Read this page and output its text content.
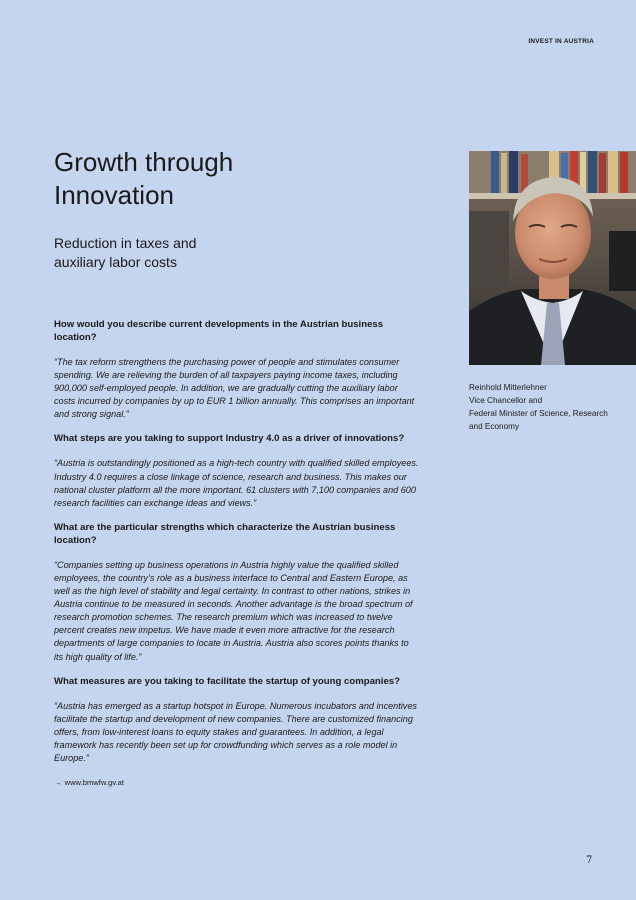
INVEST IN AUSTRIA
Growth through
Innovation
Reduction in taxes and
auxiliary labor costs
Reinhold Mitterlehner
Vice Chancellor and
Federal Minister of Science, Research
and Economy

How would you describe current developments in the Austrian business location?

“The tax reform strengthens the purchasing power of people and stimulates consumer spending. We are relieving the burden of all taxpayers paying income taxes, including 900,000 self-employed people. In addition, we are gradually cutting the auxiliary labor costs incurred by companies by up to EUR 1 billion annually. This comprises an important and strong signal.”

What steps are you taking to support Industry 4.0 as a driver of innovations?

“Austria is outstandingly positioned as a high-tech country with qualified skilled employees. Industry 4.0 requires a close linkage of science, research and business. This makes our national cluster platform all the more important. 61 clusters with 7,100 companies and 600 research facilities can exchange ideas and views.”

What are the particular strengths which characterize the Austrian business location?

“Companies setting up business operations in Austria highly value the qualified skilled employees, the country’s role as a business interface to Central and Eastern Europe, as well as the high level of stability and legal certainty. In contrast to other nations, strikes in Austria continue to be measured in seconds. Another advantage is the broad spectrum of research promotion schemes. The research premium which was increased to twelve percent creates new impetus. We have made it even more attractive for the research departments of large companies to locate in Austria. Austria also scores points thanks to its high quality of life.”

What measures are you taking to facilitate the startup of young companies?

“Austria has emerged as a startup hotspot in Europe. Numerous incubators and incentives facilitate the startup and development of new companies. There are customized financing offers, from low-interest loans to equity stakes and guarantees. In addition, a legal framework has recently been set up for crowdfunding which serves as a role model in Europe.”

→ www.bmwfw.gv.at
7
